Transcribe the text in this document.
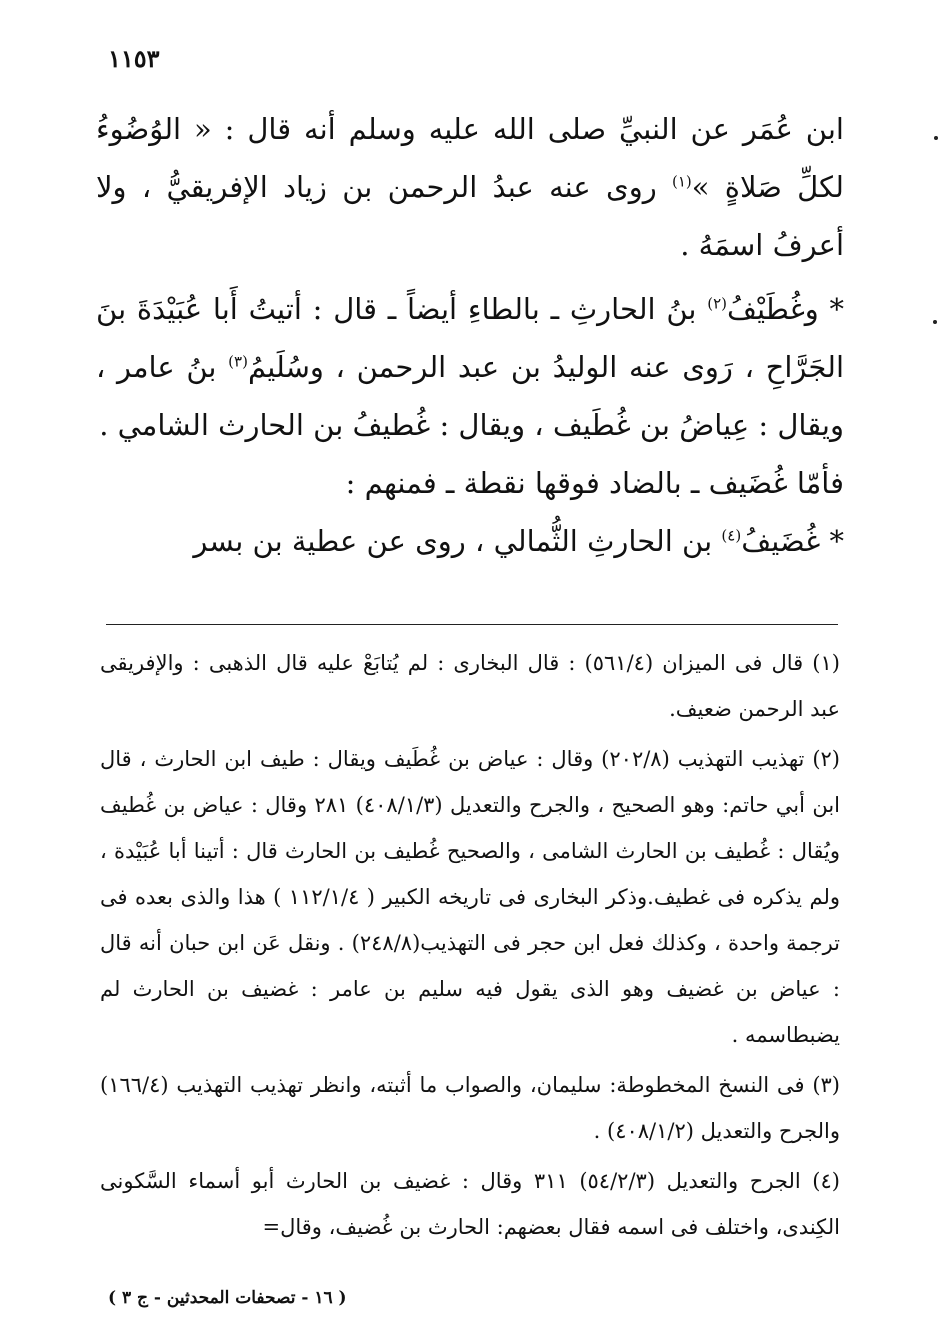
١١٥٣

ابن عُمَر عن النبيِّ صلى الله عليه وسلم أنه قال : « الوُضُوءُ لكلِّ صَلاةٍ »$^{(١)}$ روى عنه عبدُ الرحمن بن زياد الإفريقيُّ ، ولا أعرفُ اسمَهُ .

* وغُطَيْفُ$^{(٢)}$ بنُ الحارثِ ـ بالطاءِ أيضاً ـ قال : أتيتُ أَبا عُبَيْدَةَ بنَ الجَرَّاحِ ، رَوى عنه الوليدُ بن عبد الرحمن ، وسُلَيمُ$^{(٣)}$ بنُ عامر ، ويقال : عِياضُ بن غُطَيف ، ويقال : غُطيفُ بن الحارث الشامي .

فأمّا غُضَيف ـ بالضاد فوقها نقطة ـ فمنهم :

* غُضَيفُ$^{(٤)}$ بن الحارثِ الثُّمالي ، روى عن عطية بن بسر

(١) قال فى الميزان (٥٦١/٤) : قال البخارى : لم يُتابَعْ عليه قال الذهبى : والإفريقى عبد الرحمن ضعيف.

(٢) تهذيب التهذيب (٢٠٢/٨) وقال : عياض بن غُطَيف ويقال : طيف ابن الحارث ، قال ابن أبي حاتم: وهو الصحيح ، والجرح والتعديل (٤٠٨/١/٣) ٢٨١ وقال : عياض بن غُطيف ويُقال : غُطيف بن الحارث الشامى ، والصحيح غُطيف بن الحارث قال : أتينا أبا عُبَيْدة ، ولم يذكره فى غطيف.وذكر البخارى فى تاريخه الكبير ( ١١٢/١/٤ ) هذا والذى بعده فى ترجمة واحدة ، وكذلك فعل ابن حجر فى التهذيب(٢٤٨/٨) . ونقل عَن ابن حبان أنه قال : عياض بن غضيف وهو الذى يقول فيه سليم بن عامر : غضيف بن الحارث لم يضبطاسمه .

(٣) فى النسخ المخطوطة: سليمان، والصواب ما أثبته، وانظر تهذيب التهذيب (١٦٦/٤) والجرح والتعديل (٤٠٨/١/٢) .

(٤) الجرح والتعديل (٥٤/٢/٣) ٣١١ وقال : غضيف بن الحارث أبو أسماء السَّكونى الكِندى، واختلف فى اسمه فقال بعضهم: الحارث بن غُضيف، وقال=

( ١٦ - تصحفات المحدثين - ج ٣ )
